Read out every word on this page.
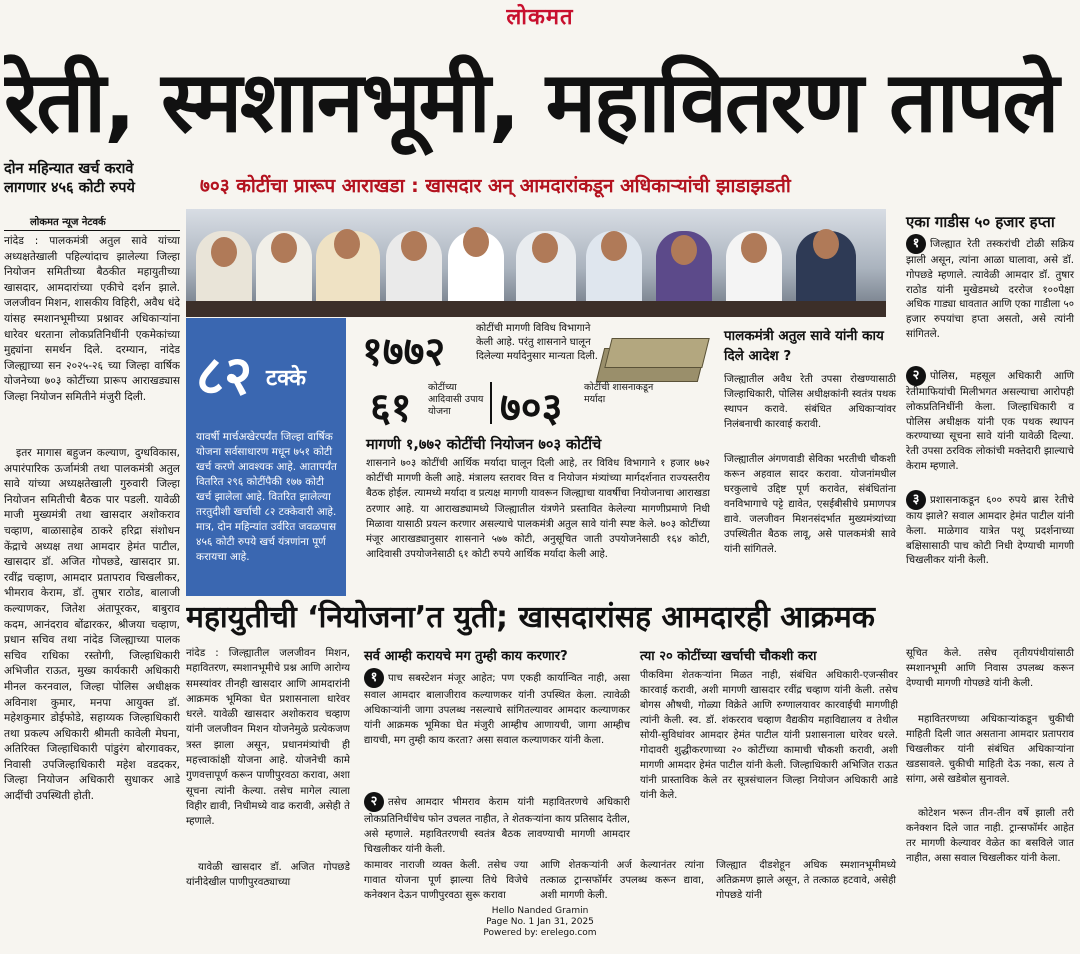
लोकमत
रेती, स्मशानभूमी, महावितरण तापले
दोन महिन्यात खर्च करावे लागणार ४५६ कोटी रुपये
लोकमत न्यूज नेटवर्क
नांदेड : पालकमंत्री अतुल सावे यांच्या अध्यक्षतेखाली पहिल्यांदाच झालेल्या जिल्हा नियोजन समितीच्या बैठकीत महायुतीच्या खासदार, आमदारांच्या एकीचे दर्शन झाले. जलजीवन मिशन, शासकीय विहिरी, अवैध धंदे यांसह स्मशानभूमीच्या प्रश्नावर अधिकाऱ्यांना धारेवर धरताना लोकप्रतिनिधींनी एकमेकांच्या मुद्द्यांना समर्थन दिले. दरम्यान, नांदेड जिल्ह्याच्या सन २०२५-२६ च्या जिल्हा वार्षिक योजनेच्या ७०३ कोटींच्या प्रारूप आराखड्यास जिल्हा नियोजन समितीने मंजुरी दिली.
इतर मागास बहुजन कल्याण, दुग्धविकास, अपारंपारिक ऊर्जामंत्री तथा पालकमंत्री अतुल सावे यांच्या अध्यक्षतेखाली गुरुवारी जिल्हा नियोजन समितीची बैठक पार पडली. यावेळी माजी मुख्यमंत्री तथा खासदार अशोकराव चव्हाण, बाळासाहेब ठाकरे हरिद्रा संशोधन केंद्राचे अध्यक्ष तथा आमदार हेमंत पाटील, खासदार डॉ. अजित गोपछडे, खासदार प्रा. रवींद्र चव्हाण, आमदार प्रतापराव चिखलीकर, भीमराव केराम, डॉ. तुषार राठोड, बालाजी कल्याणकर, जितेश अंतापूरकर, बाबुराव कदम, आनंदराव बोंढारकर, श्रीजया चव्हाण, प्रधान सचिव तथा नांदेड जिल्ह्याच्या पालक सचिव राधिका रस्तोगी, जिल्हाधिकारी अभिजीत राऊत, मुख्य कार्यकारी अधिकारी मीनल करनवाल, जिल्हा पोलिस अधीक्षक अविनाश कुमार, मनपा आयुक्त डॉ. महेशकुमार डोईफोडे, सहाय्यक जिल्हाधिकारी तथा प्रकल्प अधिकारी श्रीमती कावेली मेघना, अतिरिक्त जिल्हाधिकारी पांडुरंग बोरगावकर, निवासी उपजिल्हाधिकारी महेश वडदकर, जिल्हा नियोजन अधिकारी सुधाकर आडे आदींची उपस्थिती होती.
७०३ कोटींचा प्रारूप आराखडा : खासदार अन् आमदारांकडून अधिकाऱ्यांची झाडाझडती
एका गाडीस ५० हजार हप्ता
१ जिल्ह्यात रेती तस्करांची टोळी सक्रिय झाली असून, त्यांना आळा घालावा, असे डॉ. गोपछडे म्हणाले. त्यावेळी आमदार डॉ. तुषार राठोड यांनी मुखेडमध्ये दररोज १००पेक्षा अधिक गाड्या धावतात आणि एका गाडीला ५० हजार रुपयांचा हप्ता असतो, असे त्यांनी सांगितले.
२ पोलिस, महसूल अधिकारी आणि रेतीमाफियांची मिलीभगत असल्याचा आरोपही लोकप्रतिनिधींनी केला. जिल्हाधिकारी व पोलिस अधीक्षक यांनी एक पथक स्थापन करण्याच्या सूचना सावे यांनी यावेळी दिल्या. रेती उपसा ठरविक लोकांची मक्तेदारी झाल्याचे केराम म्हणाले.
३ प्रशासनाकडून ६०० रुपये ब्रास रेतीचे काय झाले? सवाल आमदार हेमंत पाटील यांनी केला. माळेगाव यात्रेत पशू प्रदर्शनाच्या बक्षिसासाठी पाच कोटी निधी देण्याची मागणी चिखलीकर यांनी केली.
८२ टक्के
यावर्षी मार्चअखेरपर्यंत जिल्हा वार्षिक योजना सर्वसाधारण मधून ७५१ कोटी खर्च करणे आवश्यक आहे. आतापर्यंत वितरित २९६ कोटींपैकी १७७ कोटी खर्च झालेला आहे. वितरित झालेल्या तरतुदीशी खर्चाची ८२ टक्केवारी आहे. मात्र, दोन महिन्यांत उर्वरित जवळपास ४५६ कोटी रुपये खर्च यंत्रणांना पूर्ण करायचा आहे.
१७७२
कोटींची मागणी विविध विभागाने केली आहे. परंतु शासनाने घालून दिलेल्या मर्यादेनुसार मान्यता दिली.
६१ कोटींच्या आदिवासी उपाय योजना	७०३ कोटींची शासनाकडून मर्यादा
मागणी १,७७२ कोटींची नियोजन ७०३ कोटींचे
शासनाने ७०३ कोटींची आर्थिक मर्यादा घालून दिली आहे, तर विविध विभागाने १ हजार ७७२ कोटींची मागणी केली आहे. मंत्रालय स्तरावर वित्त व नियोजन मंत्र्यांच्या मार्गदर्शनात राज्यस्तरीय बैठक होईल. त्यामध्ये मर्यादा व प्रत्यक्ष मागणी यावरून जिल्ह्याचा यावर्षीचा नियोजनाचा आराखडा ठरणार आहे. या आराखड्यामध्ये जिल्ह्यातील यंत्रणेने प्रस्तावित केलेल्या मागणीप्रमाणे निधी मिळावा यासाठी प्रयत्न करणार असल्याचे पालकमंत्री अतुल सावे यांनी स्पष्ट केले. ७०३ कोटींच्या मंजूर आराखड्यानुसार शासनाने ५७७ कोटी, अनुसूचित जाती उपयोजनेसाठी १६४ कोटी, आदिवासी उपयोजनेसाठी ६१ कोटी रुपये आर्थिक मर्यादा केली आहे.
पालकमंत्री अतुल सावे यांनी काय दिले आदेश ?
जिल्ह्यातील अवैध रेती उपसा रोखण्यासाठी जिल्हाधिकारी, पोलिस अधीक्षकांनी स्वतंत्र पथक स्थापन करावे. संबंधित अधिकाऱ्यांवर निलंबनाची कारवाई करावी.
जिल्ह्यातील अंगणवाडी सेविका भरतीची चौकशी करून अहवाल सादर करावा. योजनांमधील घरकुलाचे उद्दिष्ट पूर्ण करावेत, संबंधितांना वनविभागाचे पट्टे द्यावेत, एसईबीसीचे प्रमाणपत्र द्यावे. जलजीवन मिशनसंदर्भात मुख्यमंत्र्यांच्या उपस्थितीत बैठक लावू, असे पालकमंत्री सावे यांनी सांगितले.
महायुतीची ‘नियोजना’त युती; खासदारांसह आमदारही आक्रमक
नांदेड : जिल्ह्यातील जलजीवन मिशन, महावितरण, स्मशानभूमीचे प्रश्न आणि आरोग्य समस्यांवर तीनही खासदार आणि आमदारांनी आक्रमक भूमिका घेत प्रशासनाला धारेवर धरले. यावेळी खासदार अशोकराव चव्हाण यांनी जलजीवन मिशन योजनेमुळे प्रत्येकजण त्रस्त झाला असून, प्रधानमंत्र्यांची ही महत्त्वाकांक्षी योजना आहे. योजनेची कामे गुणवत्तापूर्ण करून पाणीपुरवठा करावा, अशा सूचना त्यांनी केल्या. तसेच मागेल त्याला विहीर द्यावी, निधीमध्ये वाढ करावी, असेही ते म्हणाले.
यावेळी खासदार डॉ. अजित गोपछडे यांनीदेखील पाणीपुरवठ्याच्या
सर्व आम्ही करायचे मग तुम्ही काय करणार?
१ पाच सबस्टेशन मंजूर आहेत; पण एकही कार्यान्वित नाही, असा सवाल आमदार बालाजीराव कल्याणकर यांनी उपस्थित केला. त्यावेळी अधिकाऱ्यांनी जागा उपलब्ध नसल्याचे सांगितल्यावर आमदार कल्याणकर यांनी आक्रमक भूमिका घेत मंजुरी आम्हीच आणायची, जागा आम्हीच द्यायची, मग तुम्ही काय करता? असा सवाल कल्याणकर यांनी केला.
२ तसेच आमदार भीमराव केराम यांनी महावितरणचे अधिकारी लोकप्रतिनिधींचेच फोन उचलत नाहीत, ते शेतकऱ्यांना काय प्रतिसाद देतील, असे म्हणाले. महावितरणची स्वतंत्र बैठक लावण्याची मागणी आमदार चिखलीकर यांनी केली.
कामावर नाराजी व्यक्त केली. तसेच ज्या गावात योजना पूर्ण झाल्या तिथे विजेचे कनेक्शन देऊन पाणीपुरवठा सुरू करावा
त्या २० कोटींच्या खर्चाची चौकशी करा
पीकविमा शेतकऱ्यांना मिळत नाही, संबंधित अधिकारी-एजन्सीवर कारवाई करावी, अशी मागणी खासदार रवींद्र चव्हाण यांनी केली. तसेच बोगस औषधी, गोळ्या विक्रेते आणि रुग्णालयावर कारवाईची मागणीही त्यांनी केली. स्व. डॉ. शंकरराव चव्हाण वैद्यकीय महाविद्यालय व तेथील सोयी-सुविधांवर आमदार हेमंत पाटील यांनी प्रशासनाला धारेवर धरले. गोदावरी शुद्धीकरणाच्या २० कोटींच्या कामाची चौकशी करावी, अशी मागणी आमदार हेमंत पाटील यांनी केली. जिल्हाधिकारी अभिजित राऊत यांनी प्रास्ताविक केले तर सूत्रसंचालन जिल्हा नियोजन अधिकारी आडे यांनी केले.
आणि शेतकऱ्यांनी अर्ज केल्यानंतर त्यांना तत्काळ ट्रान्सफॉर्मर उपलब्ध करून द्यावा, अशी मागणी केली.
जिल्ह्यात दीडशेहून अधिक स्मशानभूमीमध्ये अतिक्रमण झाले असून, ते तत्काळ हटवावे, असेही गोपछडे यांनी
सूचित केले. तसेच तृतीयपंथीयांसाठी स्मशानभूमी आणि निवास उपलब्ध करून देण्याची मागणी गोपछडे यांनी केली.
महावितरणच्या अधिकाऱ्यांकडून चुकीची माहिती दिली जात असताना आमदार प्रतापराव चिखलीकर यांनी संबंधित अधिकाऱ्यांना खडसावले. चुकीची माहिती देऊ नका, सत्य ते सांगा, असे खडेबोल सुनावले.
कोटेशन भरून तीन-तीन वर्षे झाली तरी कनेक्शन दिले जात नाही. ट्रान्सफॉर्मर आहेत तर मागणी केल्यावर वेळेत का बसविले जात नाहीत, असा सवाल चिखलीकर यांनी केला.
Hello Nanded Gramin
Page No. 1 Jan 31, 2025
Powered by: erelego.com
